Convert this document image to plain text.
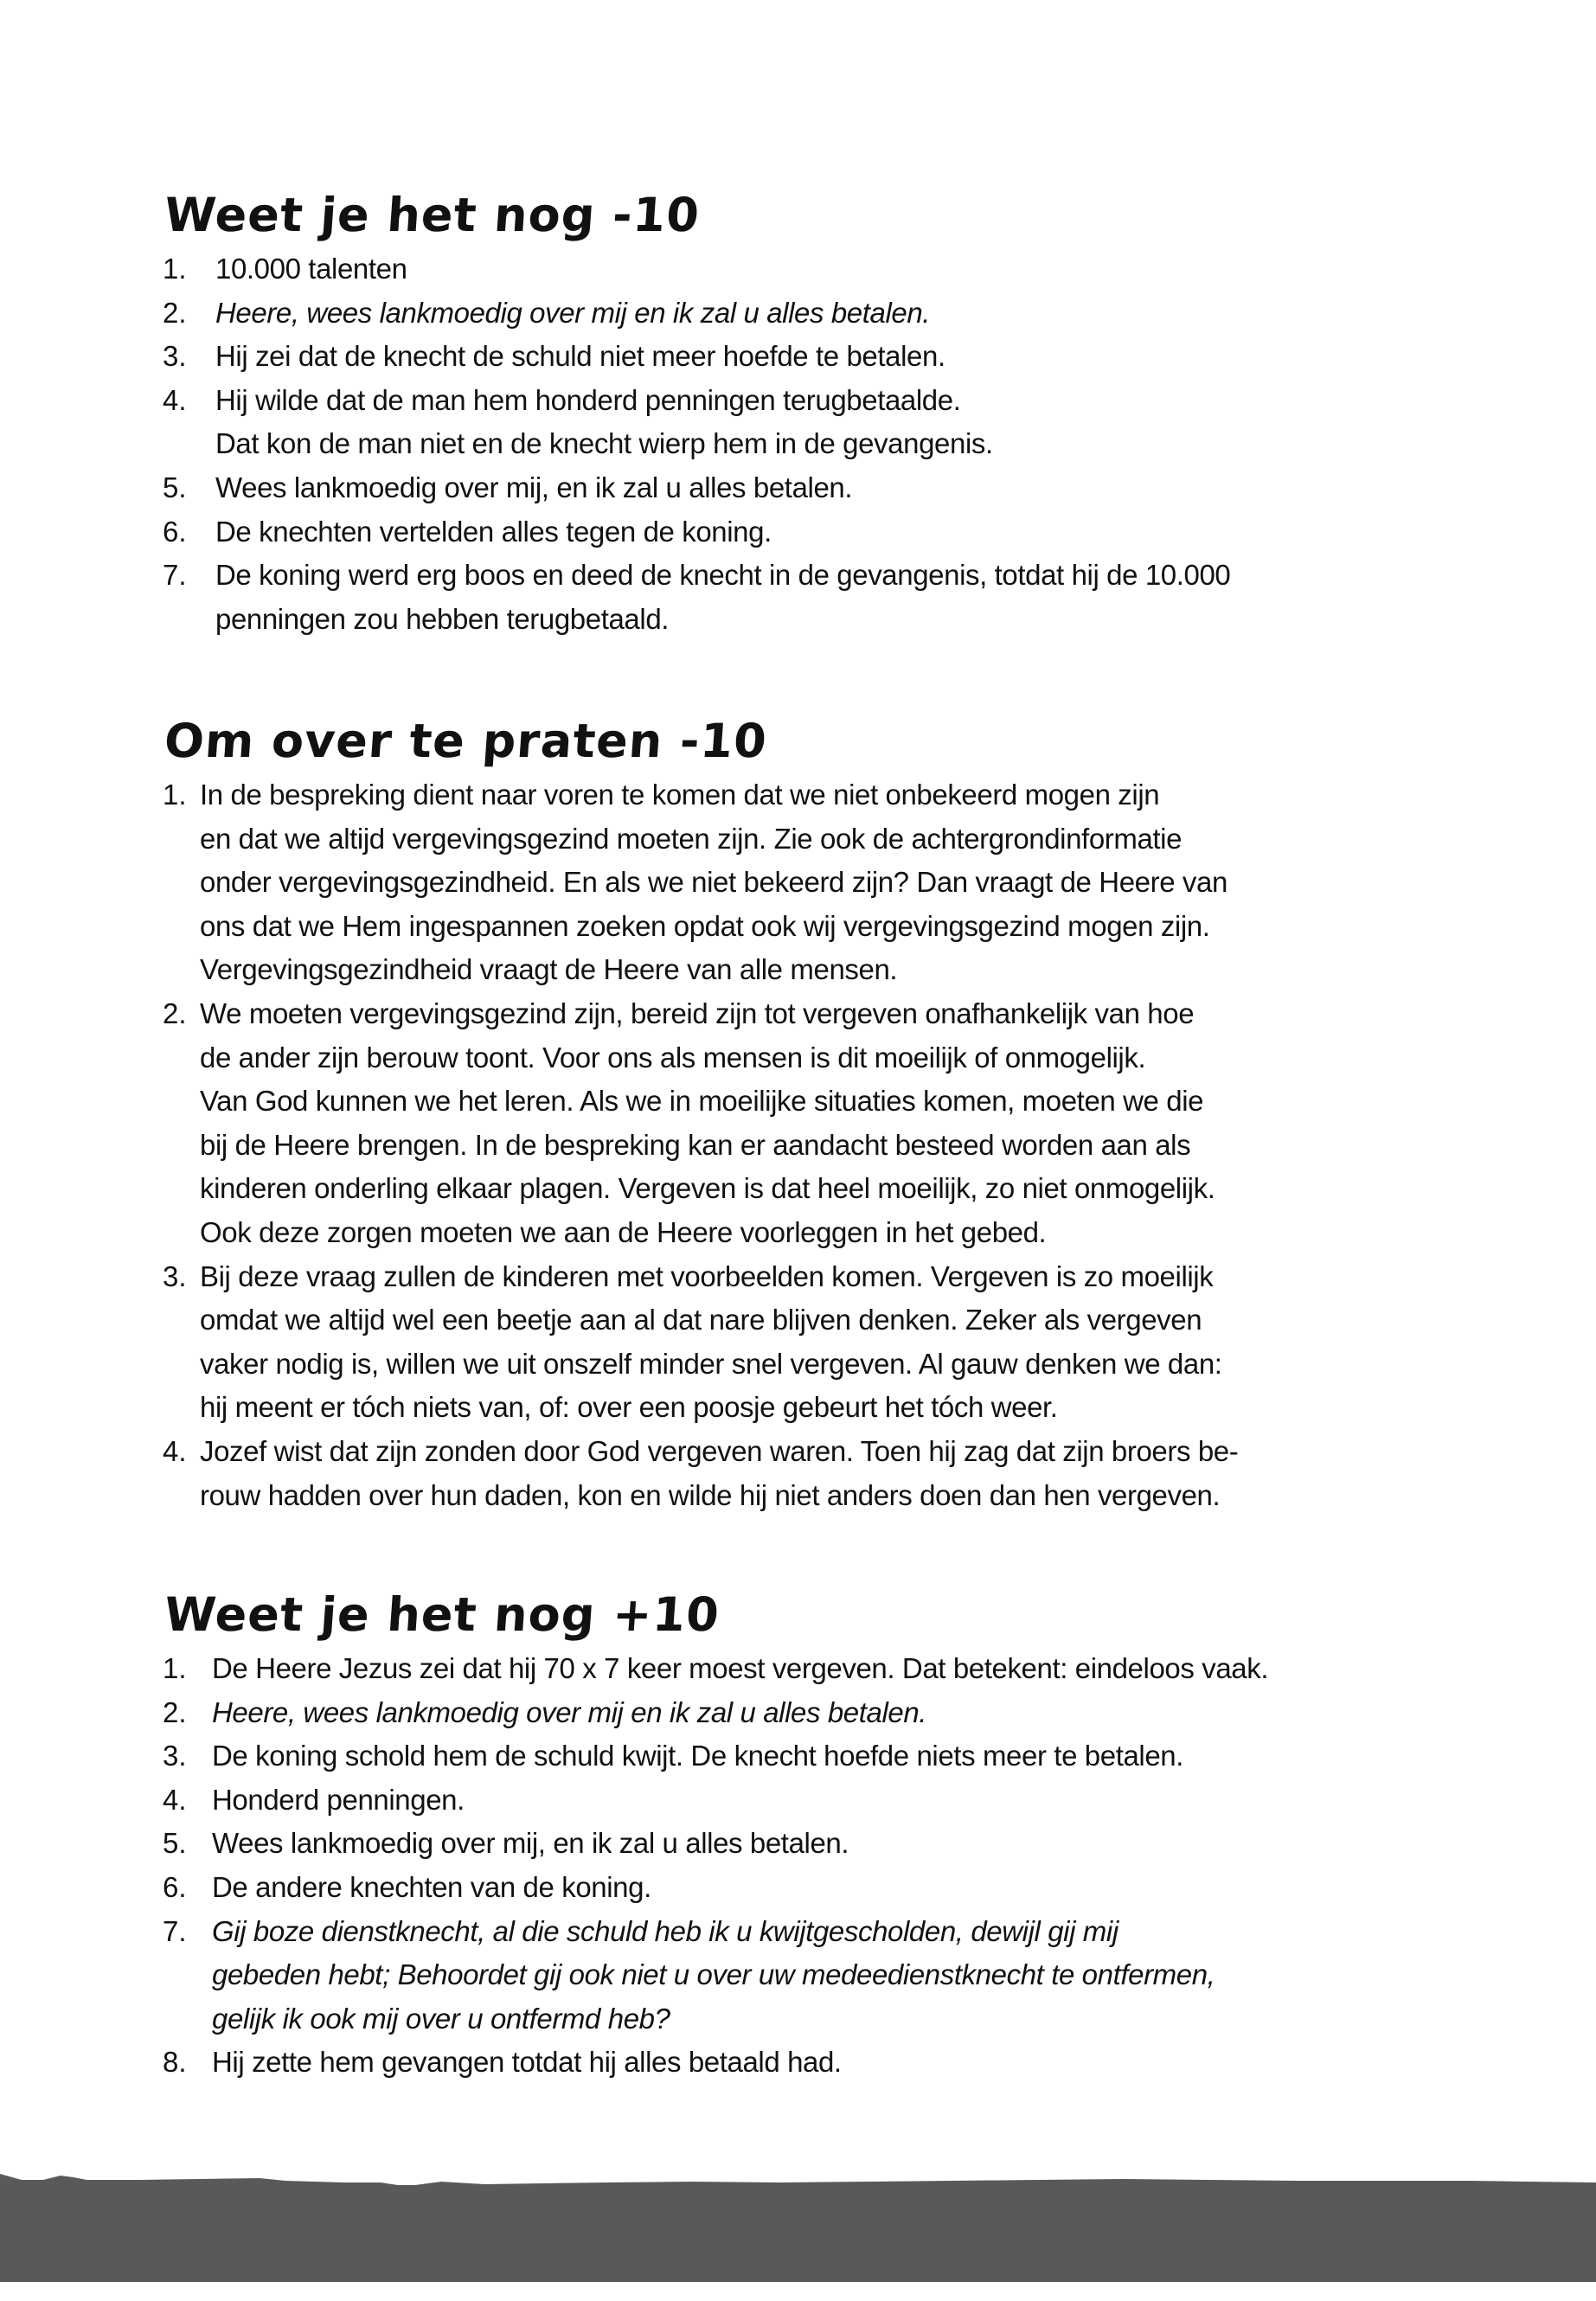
Weet je het nog -10
1. 10.000 talenten
2. Heere, wees lankmoedig over mij en ik zal u alles betalen.
3. Hij zei dat de knecht de schuld niet meer hoefde te betalen.
4. Hij wilde dat de man hem honderd penningen terugbetaalde.
Dat kon de man niet en de knecht wierp hem in de gevangenis.
5. Wees lankmoedig over mij, en ik zal u alles betalen.
6. De knechten vertelden alles tegen de koning.
7. De koning werd erg boos en deed de knecht in de gevangenis, totdat hij de 10.000
penningen zou hebben terugbetaald.
Om over te praten -10
1. In de bespreking dient naar voren te komen dat we niet onbekeerd mogen zijn
en dat we altijd vergevingsgezind moeten zijn. Zie ook de achtergrondinformatie
onder vergevingsgezindheid. En als we niet bekeerd zijn? Dan vraagt de Heere van
ons dat we Hem ingespannen zoeken opdat ook wij vergevingsgezind mogen zijn.
Vergevingsgezindheid vraagt de Heere van alle mensen.
2. We moeten vergevingsgezind zijn, bereid zijn tot vergeven onafhankelijk van hoe
de ander zijn berouw toont. Voor ons als mensen is dit moeilijk of onmogelijk.
Van God kunnen we het leren. Als we in moeilijke situaties komen, moeten we die
bij de Heere brengen. In de bespreking kan er aandacht besteed worden aan als
kinderen onderling elkaar plagen. Vergeven is dat heel moeilijk, zo niet onmogelijk.
Ook deze zorgen moeten we aan de Heere voorleggen in het gebed.
3. Bij deze vraag zullen de kinderen met voorbeelden komen. Vergeven is zo moeilijk
omdat we altijd wel een beetje aan al dat nare blijven denken. Zeker als vergeven
vaker nodig is, willen we uit onszelf minder snel vergeven. Al gauw denken we dan:
hij meent er tóch niets van, of: over een poosje gebeurt het tóch weer.
4. Jozef wist dat zijn zonden door God vergeven waren. Toen hij zag dat zijn broers be-
rouw hadden over hun daden, kon en wilde hij niet anders doen dan hen vergeven.
Weet je het nog +10
1. De Heere Jezus zei dat hij 70 x 7 keer moest vergeven. Dat betekent: eindeloos vaak.
2. Heere, wees lankmoedig over mij en ik zal u alles betalen.
3. De koning schold hem de schuld kwijt. De knecht hoefde niets meer te betalen.
4. Honderd penningen.
5. Wees lankmoedig over mij, en ik zal u alles betalen.
6. De andere knechten van de koning.
7. Gij boze dienstknecht, al die schuld heb ik u kwijtgescholden, dewijl gij mij
gebeden hebt; Behoordet gij ook niet u over uw medeedienstknecht te ontfermen,
gelijk ik ook mij over u ontfermd heb?
8. Hij zette hem gevangen totdat hij alles betaald had.
